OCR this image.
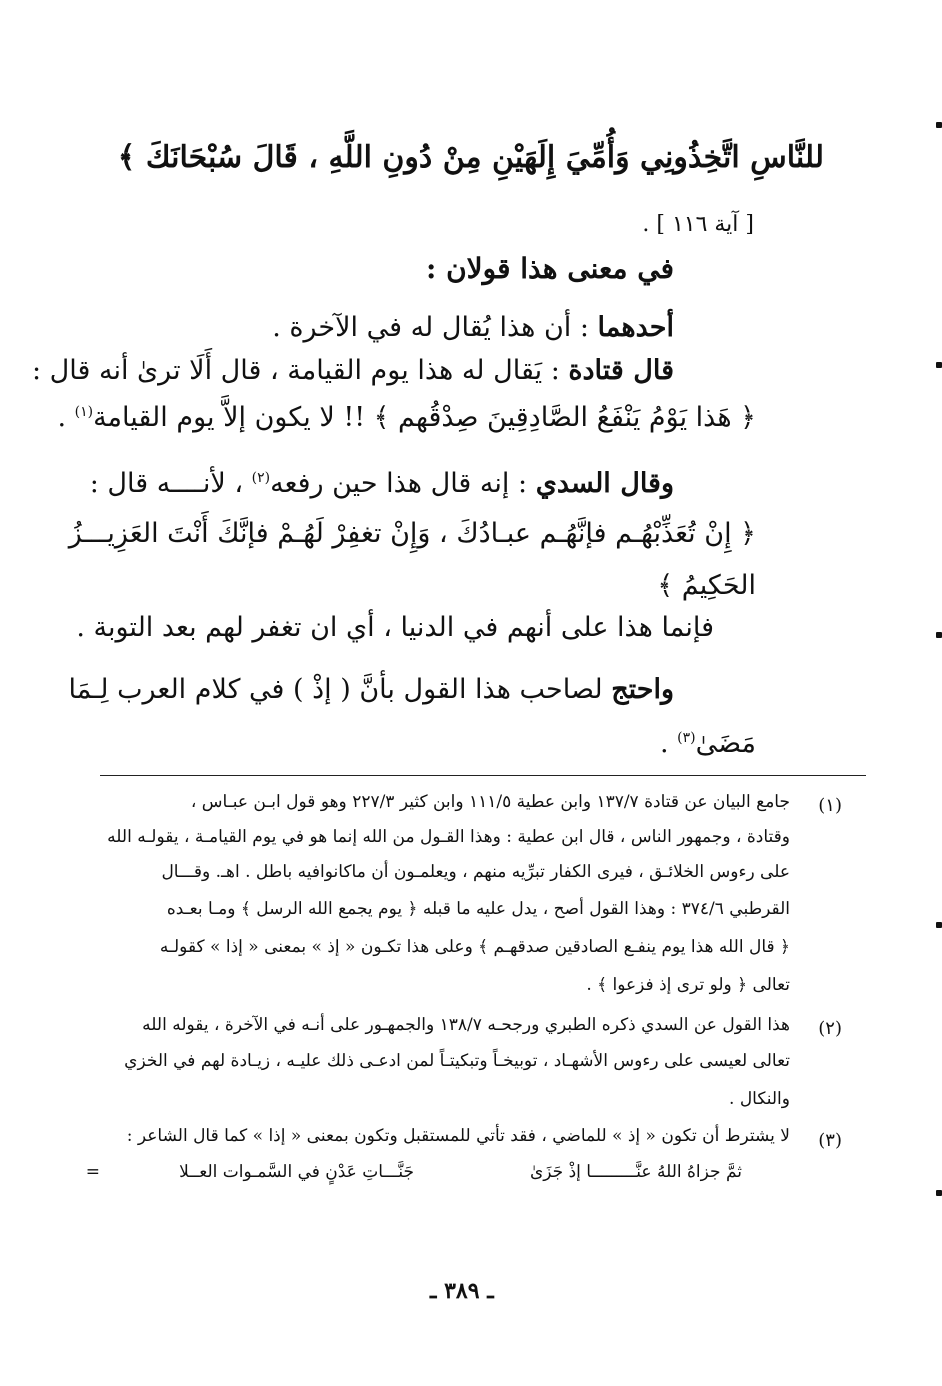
للنَّاسِ اتَّخِذُونِي وَأُمِّيَ إِلَهَيْنِ مِنْ دُونِ اللَّهِ ، قَالَ سُبْحَانَكَ ﴾
[ آية ١١٦ ] .
في معنى هذا قولان :
أحدهما : أن هذا يُقال له في الآخرة .
قال قتادة : يَقال له هذا يوم القيامة ، قال أَلَا ترىٰ أنه قال :
﴿ هَذا يَوْمُ يَنْفَعُ الصَّادِقِينَ صِدْقُهم ﴾ !! لا يكون إلاَّ يوم القيامة$^{(١)}$ .
وقال السدي : إنه قال هذا حين رفعه$^{(٢)}$ ، لأنــــه قال :
﴿ إِنْ تُعَذِّبْهُـم فإنَّهُـم عبـادُكَ ، وَإِنْ تغفِرْ لَهُـمْ فإنَّكَ أَنْتَ العَزِيـــزُ
الحَكِيمُ ﴾
فإنما هذا على أنهم في الدنيا ، أي ان تغفر لهم بعد التوبة .
واحتج لصاحب هذا القول بأنَّ ( إذْ ) في كلام العرب لِـمَا
مَضَىٰ$^{(٣)}$ .
(١)
جامع البيان عن قتادة ١٣٧/٧ وابن عطية ١١١/٥ وابن كثير ٢٢٧/٣ وهو قول ابـن عبـاس ،
وقتادة ، وجمهور الناس ، قال ابن عطية : وهذا القـول من الله إنما هو في يوم القيامـة ، يقولـه الله
على رءوس الخلائـق ، فيرى الكفار تبرِّيه منهم ، ويعلمـون أن ماكانوافيه باطل . اهـ. وقـــال
القرطبي ٣٧٤/٦ : وهذا القول أصح ، يدل عليه ما قبله ﴿ يوم يجمع الله الرسل ﴾ ومـا بعـده
﴿ قال الله هذا يوم ينفـع الصادقين صدقهـم ﴾ وعلى هذا تكـون « إذ » بمعنى « إذا » كقولـه
تعالى ﴿ ولو ترى إذ فزعوا ﴾ .
(٢)
هذا القول عن السدي ذكره الطبري ورجحـه ١٣٨/٧ والجمهـور على أنـه في الآخرة ، يقوله الله
تعالى لعيسى على رءوس الأشهـاد ، توبيخـاً وتبكيتـاً لمن ادعـى ذلك عليـه ، زيـادة لهم في الخزي
والنكال .
(٣)
لا يشترط أن تكون « إذ » للماضي ، فقد تأتي للمستقبل وتكون بمعنى « إذا » كما قال الشاعر :
ثمَّ جزاهُ اللهُ عنَّـــــــــا إذْ جَزَىٰ
جَنَّـــاتِ عَدْنٍ في السَّمـوات العــلا
=
ـ ٣٨٩ ـ
